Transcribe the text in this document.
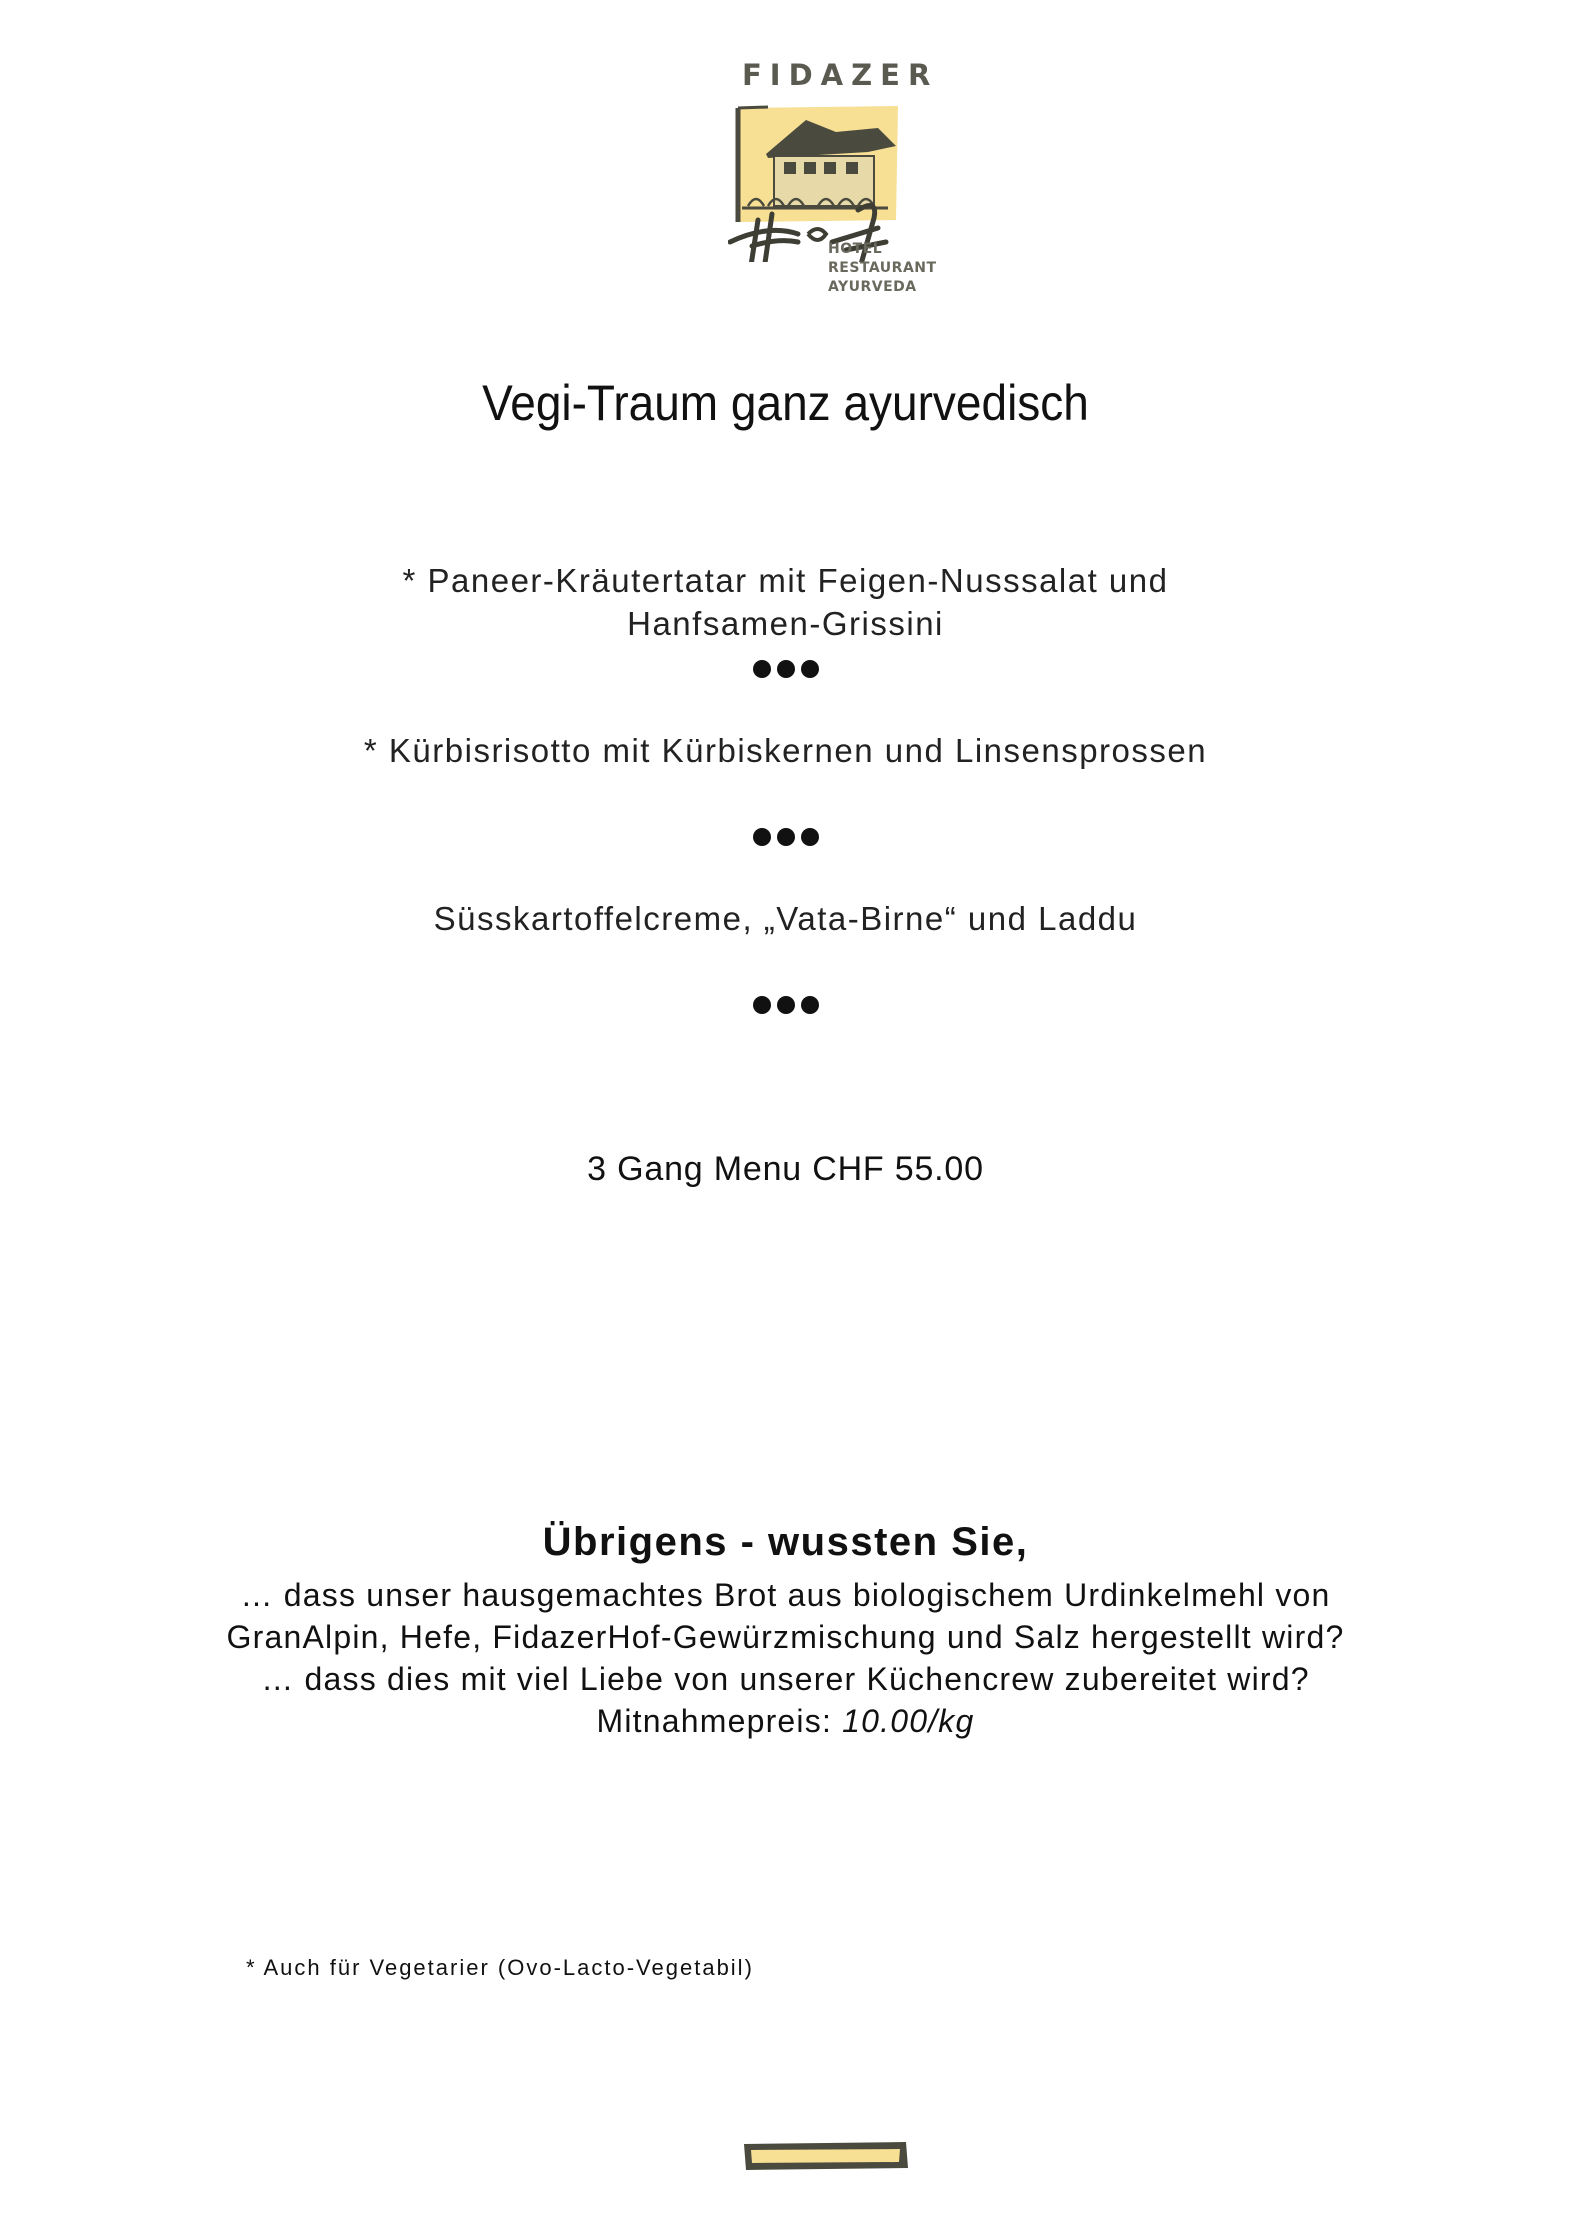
FIDAZER
HOTEL
RESTAURANT
AYURVEDA
Vegi-Traum ganz ayurvedisch

* Paneer-Kräutertatar mit Feigen-Nusssalat und

Hanfsamen-Grissini

* Kürbisrisotto mit Kürbiskernen und Linsensprossen

Süsskartoffelcreme, „Vata-Birne“ und Laddu

3 Gang Menu CHF 55.00

Übrigens - wussten Sie,

… dass unser hausgemachtes Brot aus biologischem Urdinkelmehl von

GranAlpin, Hefe, FidazerHof-Gewürzmischung und Salz hergestellt wird?

… dass dies mit viel Liebe von unserer Küchencrew zubereitet wird?

Mitnahmepreis: 10.00/kg

* Auch für Vegetarier (Ovo-Lacto-Vegetabil)
